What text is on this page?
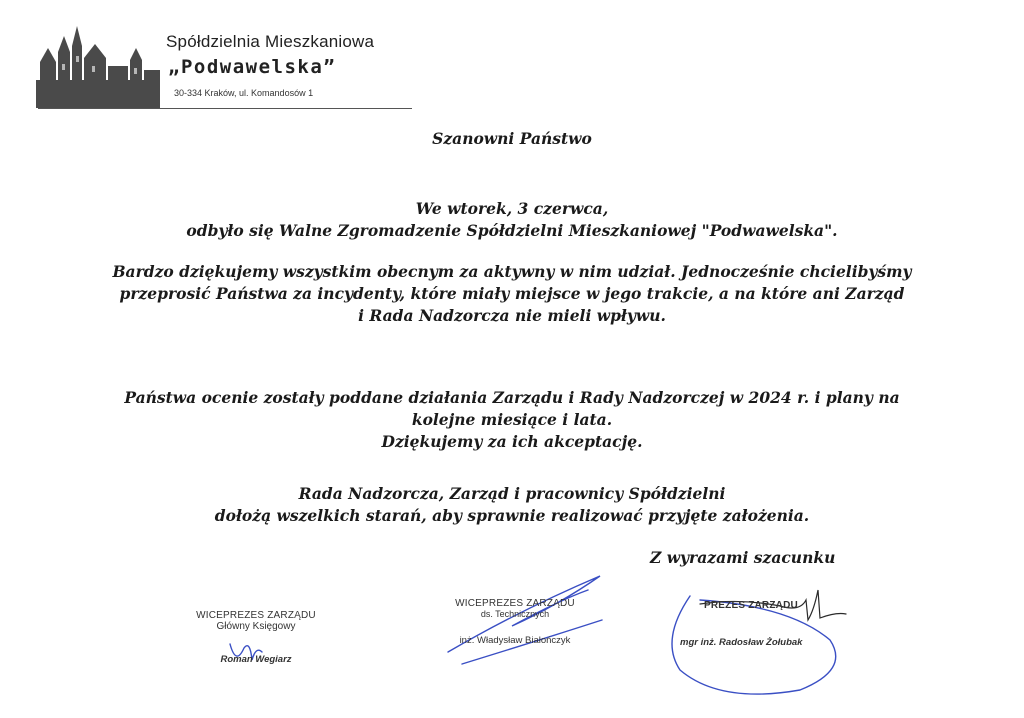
Spółdzielnia Mieszkaniowa
„Podwawelska”
30-334 Kraków, ul. Komandosów 1
Szanowni Państwo
We wtorek, 3 czerwca,
odbyło się Walne Zgromadzenie Spółdzielni Mieszkaniowej "Podwawelska".
Bardzo dziękujemy wszystkim obecnym za aktywny w nim udział. Jednocześnie chcielibyśmy
przeprosić Państwa za incydenty, które miały miejsce w jego trakcie, a na które ani Zarząd
i Rada Nadzorcza nie mieli wpływu.
Państwa ocenie zostały poddane działania Zarządu i Rady Nadzorczej w 2024 r. i plany na
kolejne miesiące i lata.
Dziękujemy za ich akceptację.
Rada Nadzorcza, Zarząd i pracownicy Spółdzielni
dołożą wszelkich starań, aby sprawnie realizować przyjęte założenia.
Z wyrazami szacunku
WICEPREZES ZARZĄDU
Główny Księgowy
Roman Wegiarz
WICEPREZES ZARZĄDU
ds. Technicznych
inż. Władysław Białończyk
PREZES ZARZĄDU
mgr inż. Radosław Żołubak
